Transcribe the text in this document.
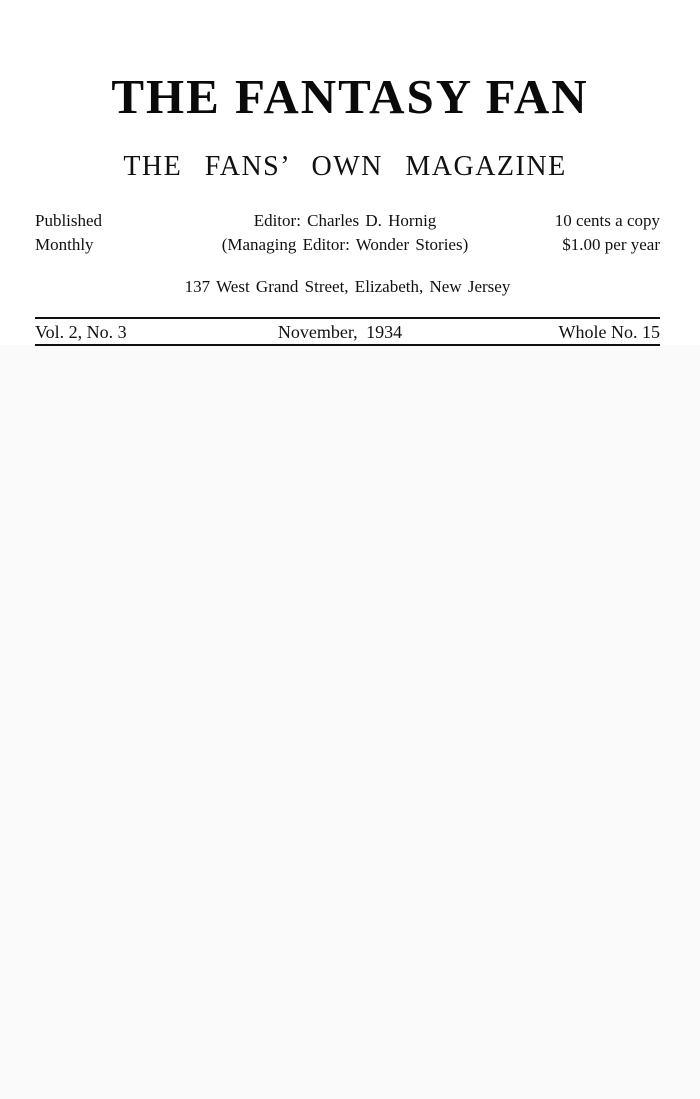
THE FANTASY FAN
THE FANS’ OWN MAGAZINE
Published
Monthly
Editor: Charles D. Hornig
(Managing Editor: Wonder Stories)
10 cents a copy
$1.00 per year
137 West Grand Street, Elizabeth, New Jersey
Vol. 2, No. 3	November, 1934	Whole No. 15
